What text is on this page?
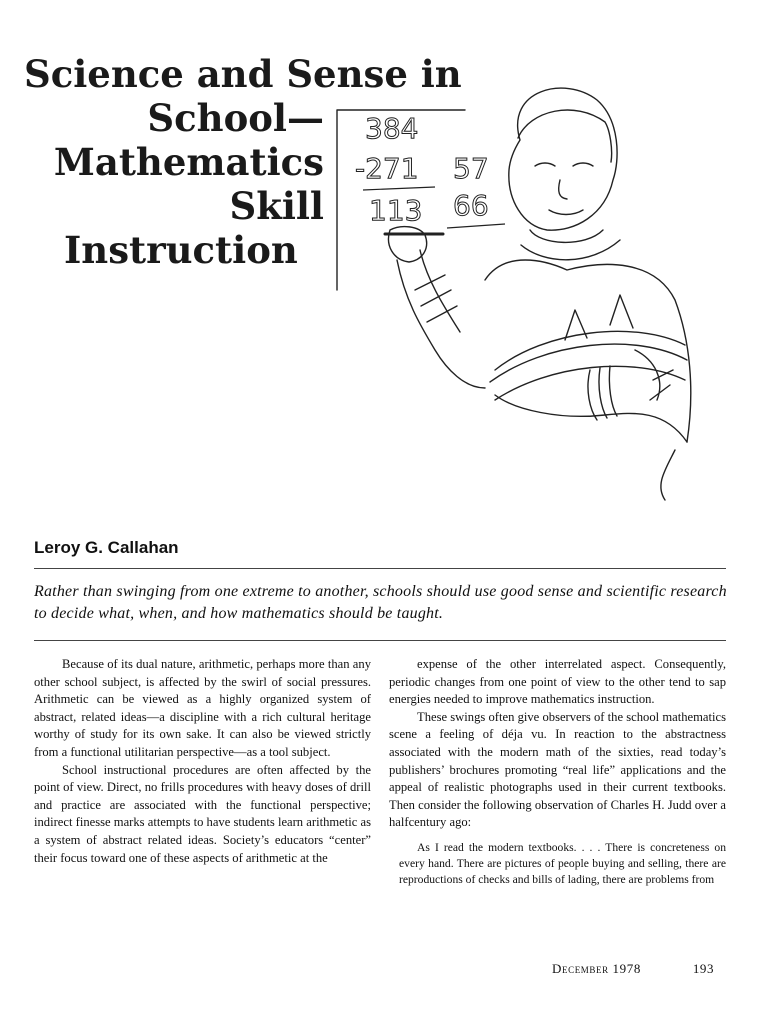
Science and Sense in
School—
Mathematics
Skill
Instruction
384
-271
113
57
66
Leroy G. Callahan

Rather than swinging from one extreme to another, schools should use good sense and scientific research to decide what, when, and how mathematics should be taught.

Because of its dual nature, arithmetic, perhaps more than any other school subject, is affected by the swirl of social pressures. Arithmetic can be viewed as a highly organized system of abstract, related ideas—a discipline with a rich cultural heritage worthy of study for its own sake. It can also be viewed strictly from a functional utilitarian perspective—as a tool subject.

School instructional procedures are often affected by the point of view. Direct, no frills procedures with heavy doses of drill and practice are associated with the functional perspective; indirect finesse marks attempts to have students learn arithmetic as a system of abstract related ideas. Society’s educators “center” their focus toward one of these aspects of arithmetic at the

expense of the other interrelated aspect. Consequently, periodic changes from one point of view to the other tend to sap energies needed to improve mathematics instruction.

These swings often give observers of the school mathematics scene a feeling of déja vu. In reaction to the abstractness associated with the modern math of the sixties, read today’s publishers’ brochures promoting “real life” applications and the appeal of realistic photographs used in their current textbooks. Then consider the following observation of Charles H. Judd over a halfcentury ago:

As I read the modern textbooks. . . . There is concreteness on every hand. There are pictures of people buying and selling, there are reproductions of checks and bills of lading, there are problems from

December 1978	193
